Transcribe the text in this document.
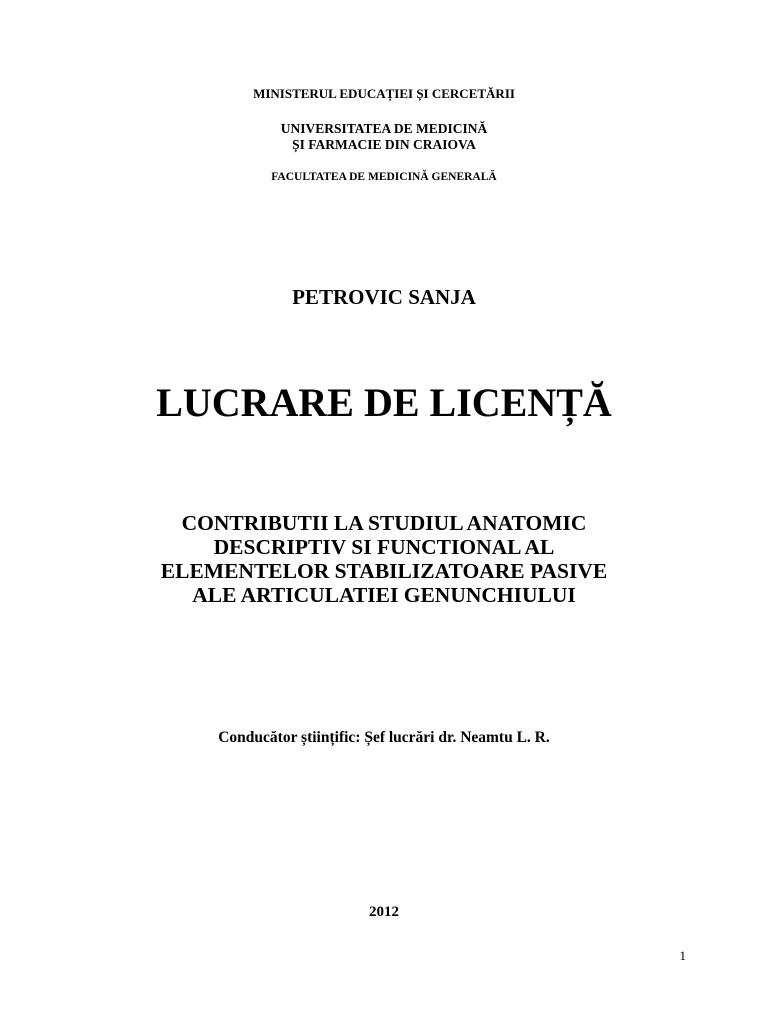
MINISTERUL EDUCAȚIEI ȘI CERCETĂRII
UNIVERSITATEA DE MEDICINĂ
ȘI FARMACIE DIN CRAIOVA
FACULTATEA DE MEDICINĂ GENERALĂ
PETROVIC SANJA
LUCRARE DE LICENȚĂ
CONTRIBUTII LA STUDIUL ANATOMIC
DESCRIPTIV SI FUNCTIONAL AL
ELEMENTELOR STABILIZATOARE PASIVE
ALE ARTICULATIEI GENUNCHIULUI
Conducător științific: Șef lucrări dr. Neamtu L. R.
2012
1
